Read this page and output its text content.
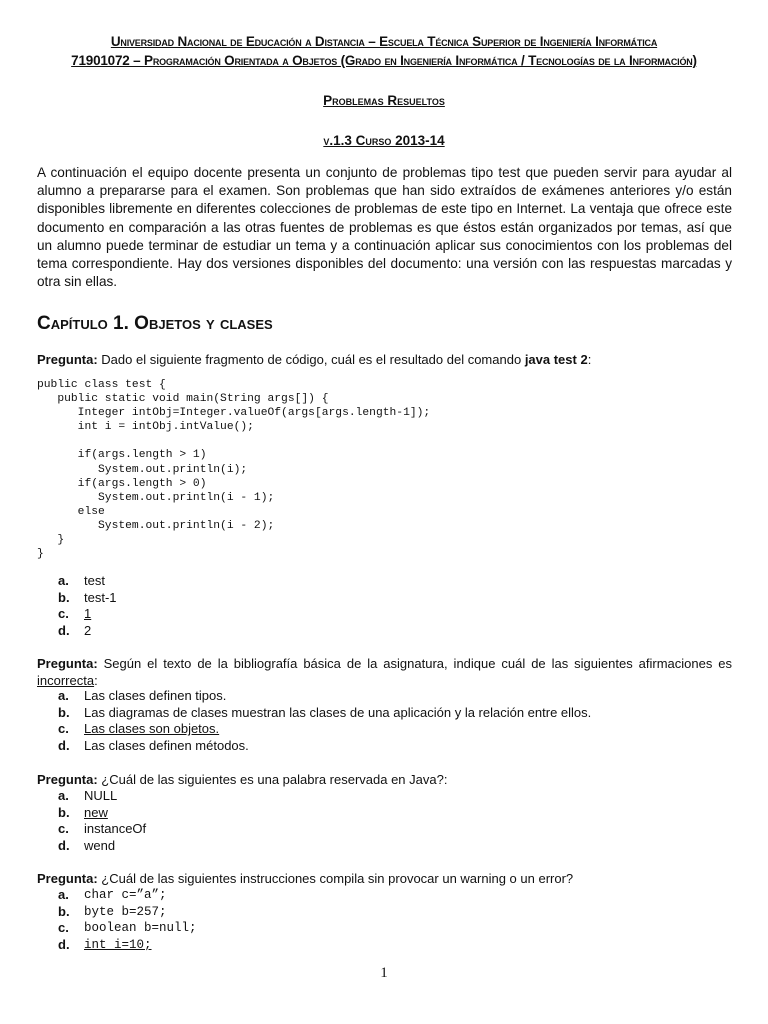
Universidad Nacional de Educación a Distancia – Escuela Técnica Superior de Ingeniería Informática
71901072 – Programación Orientada a Objetos (Grado en Ingeniería Informática / Tecnologías de la Información)
Problemas Resueltos
v.1.3 Curso 2013-14

A continuación el equipo docente presenta un conjunto de problemas tipo test que pueden servir para ayudar al alumno a prepararse para el examen. Son problemas que han sido extraídos de exámenes anteriores y/o están disponibles libremente en diferentes colecciones de problemas de este tipo en Internet. La ventaja que ofrece este documento en comparación a las otras fuentes de problemas es que éstos están organizados por temas, así que un alumno puede terminar de estudiar un tema y a continuación aplicar sus conocimientos con los problemas del tema correspondiente. Hay dos versiones disponibles del documento: una versión con las respuestas marcadas y otra sin ellas.

Capítulo 1. Objetos y clases
Pregunta: Dado el siguiente fragmento de código, cuál es el resultado del comando java test 2:
public class test {
public static void main(String args[]) {
Integer intObj=Integer.valueOf(args[args.length-1]);
int i = intObj.intValue();

if(args.length > 1)
System.out.println(i);
if(args.length > 0)
System.out.println(i - 1);
else
System.out.println(i - 2);
}
}
a.	test
b.	test-1
c.	1
d.	2
Pregunta: Según el texto de la bibliografía básica de la asignatura, indique cuál de las siguientes afirmaciones es incorrecta:
a.	Las clases definen tipos.
b.	Las diagramas de clases muestran las clases de una aplicación y la relación entre ellos.
c.	Las clases son objetos.
d.	Las clases definen métodos.
Pregunta: ¿Cuál de las siguientes es una palabra reservada en Java?:
a.	NULL
b.	new
c.	instanceOf
d.	wend
Pregunta: ¿Cuál de las siguientes instrucciones compila sin provocar un warning o un error?
a.	char c=”a”;
b.	byte b=257;
c.	boolean b=null;
d.	int i=10;
1
